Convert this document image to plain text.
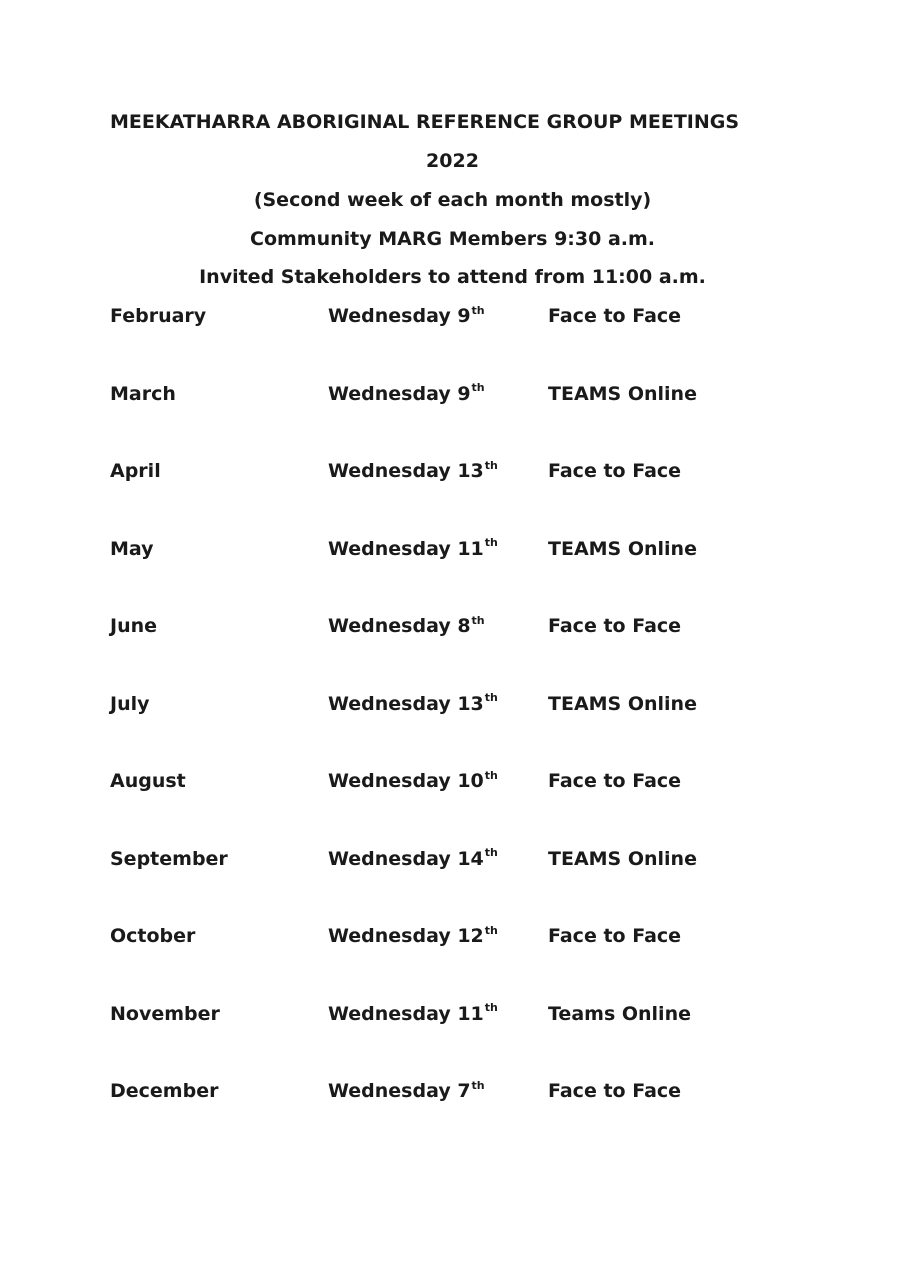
MEEKATHARRA ABORIGINAL REFERENCE GROUP MEETINGS
2022
(Second week of each month mostly)
Community MARG Members 9:30 a.m.
Invited Stakeholders to attend from 11:00 a.m.
February	Wednesday 9th	Face to Face
March	Wednesday 9th	TEAMS Online
April	Wednesday 13th	Face to Face
May	Wednesday 11th	TEAMS Online
June	Wednesday 8th	Face to Face
July	Wednesday 13th	TEAMS Online
August	Wednesday 10th	Face to Face
September	Wednesday 14th	TEAMS Online
October	Wednesday 12th	Face to Face
November	Wednesday 11th	Teams Online
December	Wednesday 7th	Face to Face
